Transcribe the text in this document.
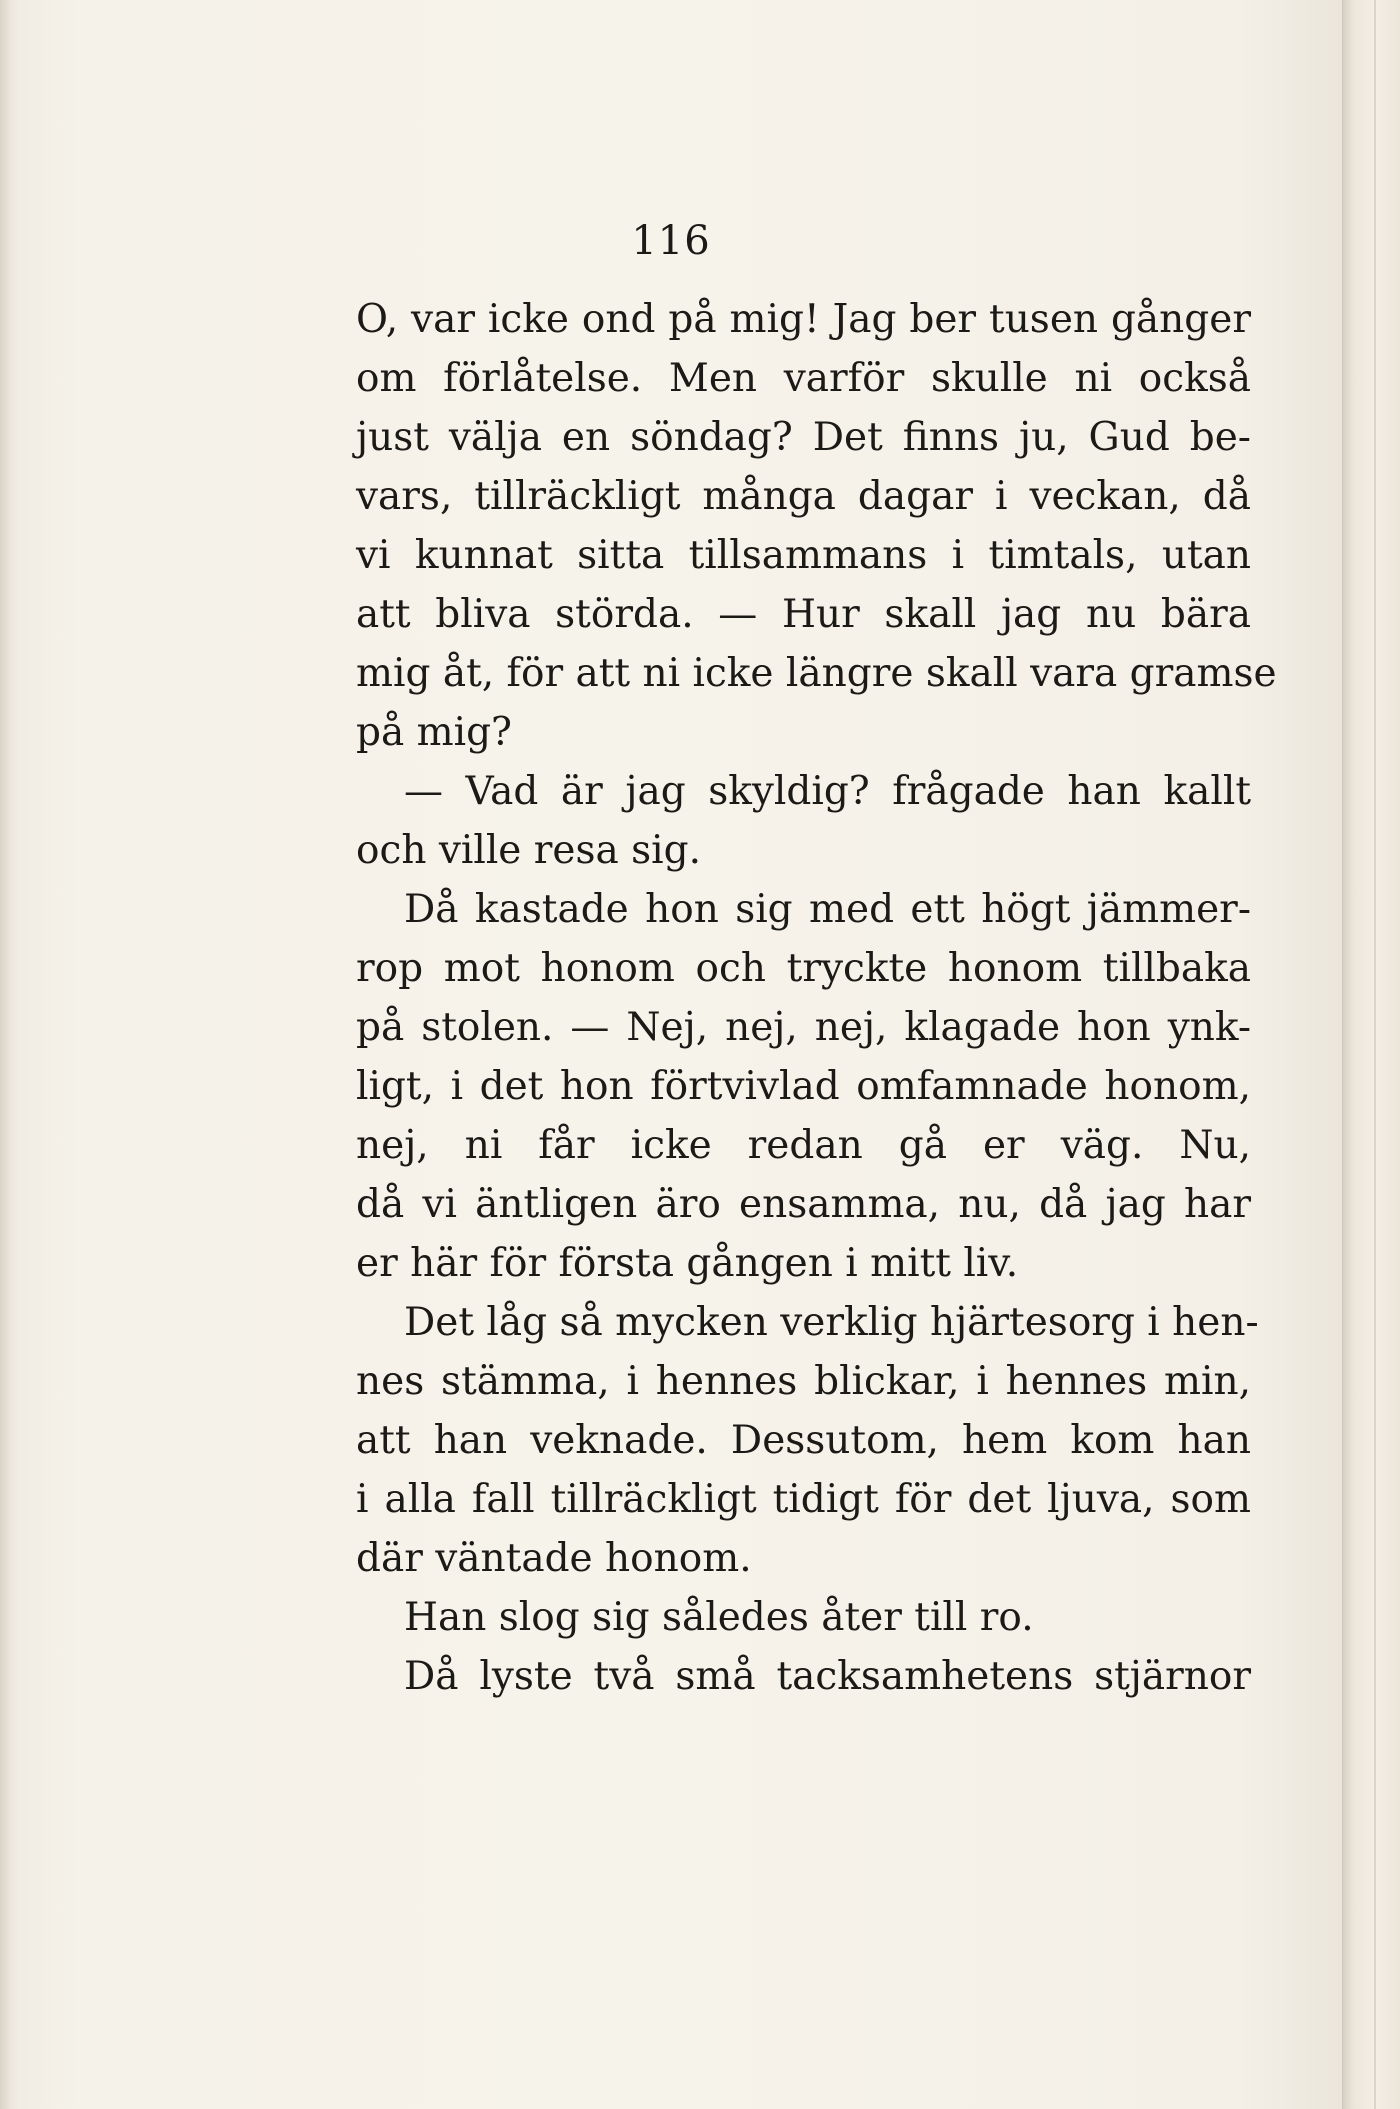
116
O, var icke ond på mig! Jag ber tusen gånger
om förlåtelse. Men varför skulle ni också
just välja en söndag? Det finns ju, Gud be-
vars, tillräckligt många dagar i veckan, då
vi kunnat sitta tillsammans i timtals, utan
att bliva störda. — Hur skall jag nu bära
mig åt, för att ni icke längre skall vara gramse
på mig?
— Vad är jag skyldig? frågade han kallt
och ville resa sig.
Då kastade hon sig med ett högt jämmer-
rop mot honom och tryckte honom tillbaka
på stolen. — Nej, nej, nej, klagade hon ynk-
ligt, i det hon förtvivlad omfamnade honom,
nej, ni får icke redan gå er väg. Nu,
då vi äntligen äro ensamma, nu, då jag har
er här för första gången i mitt liv.
Det låg så mycken verklig hjärtesorg i hen-
nes stämma, i hennes blickar, i hennes min,
att han veknade. Dessutom, hem kom han
i alla fall tillräckligt tidigt för det ljuva, som
där väntade honom.
Han slog sig således åter till ro.
Då lyste två små tacksamhetens stjärnor
